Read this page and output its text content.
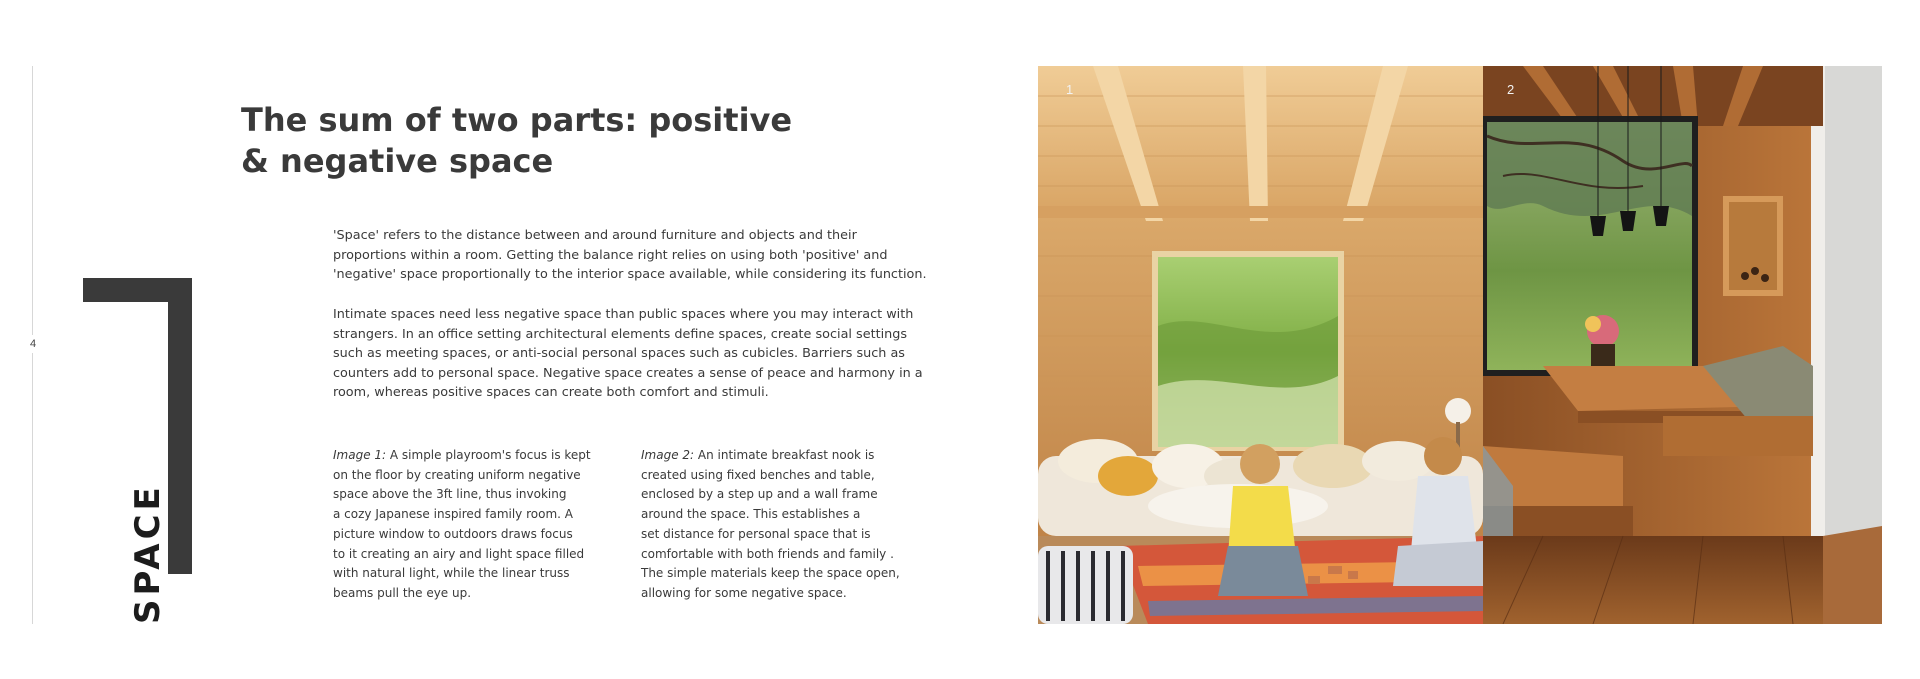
4
SPACE
The sum of two parts: positive
& negative space

'Space' refers to the distance between and around furniture and objects and their
proportions within a room. Getting the balance right relies on using both 'positive' and
'negative' space proportionally to the interior space available, while considering its function.

Intimate spaces need less negative space than public spaces where you may interact with
strangers. In an office setting architectural elements define spaces, create social settings
such as meeting spaces, or anti-social personal spaces such as cubicles. Barriers such as
counters add to personal space. Negative space creates a sense of peace and harmony in a
room, whereas positive spaces can create both comfort and stimuli.

Image 1: A simple playroom's focus is kept
on the floor by creating uniform negative
space above the 3ft line, thus invoking
a cozy Japanese inspired family room. A
picture window to outdoors draws focus
to it creating an airy and light space filled
with natural light, while the linear truss
beams pull the eye up.

Image 2: An intimate breakfast nook is
created using fixed benches and table,
enclosed by a step up and a wall frame
around the space. This establishes a
set distance for personal space that is
comfortable with both friends and family .
The simple materials keep the space open,
allowing for some negative space.

1	2
